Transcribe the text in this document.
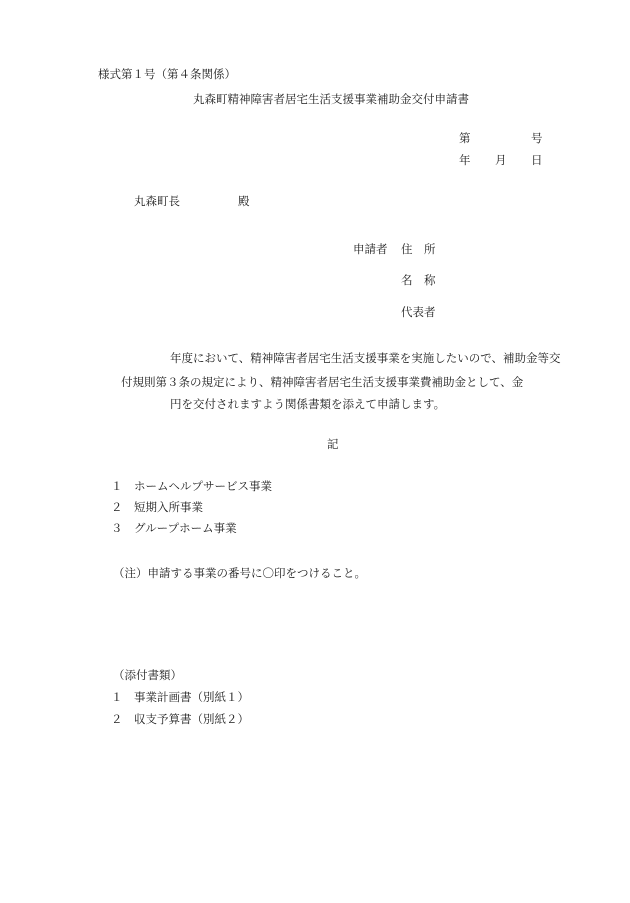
様式第１号（第４条関係）
丸森町精神障害者居宅生活支援事業補助金交付申請書
第	号
年 月 日
丸森町長	殿
申請者 住　所
名　称
代表者
年度において、精神障害者居宅生活支援事業を実施したいので、補助金等交
付規則第３条の規定により、精神障害者居宅生活支援事業費補助金として、金
円を交付されますよう関係書類を添えて申請します。
記
１ ホームヘルプサービス事業
２ 短期入所事業
３ グループホーム事業
（注）申請する事業の番号に〇印をつけること。
（添付書類）
１ 事業計画書（別紙１）
２ 収支予算書（別紙２）
